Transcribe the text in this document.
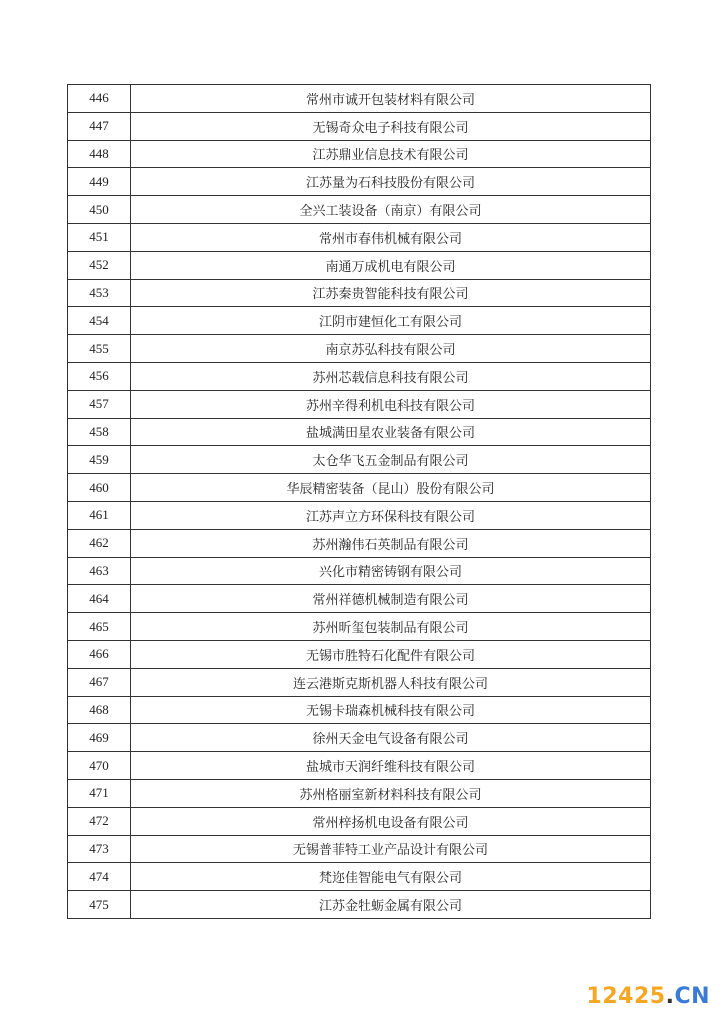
446	常州市诚开包装材料有限公司
447	无锡奇众电子科技有限公司
448	江苏鼎业信息技术有限公司
449	江苏量为石科技股份有限公司
450	全兴工装设备（南京）有限公司
451	常州市春伟机械有限公司
452	南通万成机电有限公司
453	江苏秦贵智能科技有限公司
454	江阴市建恒化工有限公司
455	南京苏弘科技有限公司
456	苏州芯载信息科技有限公司
457	苏州辛得利机电科技有限公司
458	盐城满田星农业装备有限公司
459	太仓华飞五金制品有限公司
460	华辰精密装备（昆山）股份有限公司
461	江苏声立方环保科技有限公司
462	苏州瀚伟石英制品有限公司
463	兴化市精密铸钢有限公司
464	常州祥德机械制造有限公司
465	苏州昕玺包装制品有限公司
466	无锡市胜特石化配件有限公司
467	连云港斯克斯机器人科技有限公司
468	无锡卡瑞森机械科技有限公司
469	徐州天金电气设备有限公司
470	盐城市天润纤维科技有限公司
471	苏州格丽室新材料科技有限公司
472	常州梓扬机电设备有限公司
473	无锡普菲特工业产品设计有限公司
474	梵迩佳智能电气有限公司
475	江苏金牡蛎金属有限公司
12425.CN
